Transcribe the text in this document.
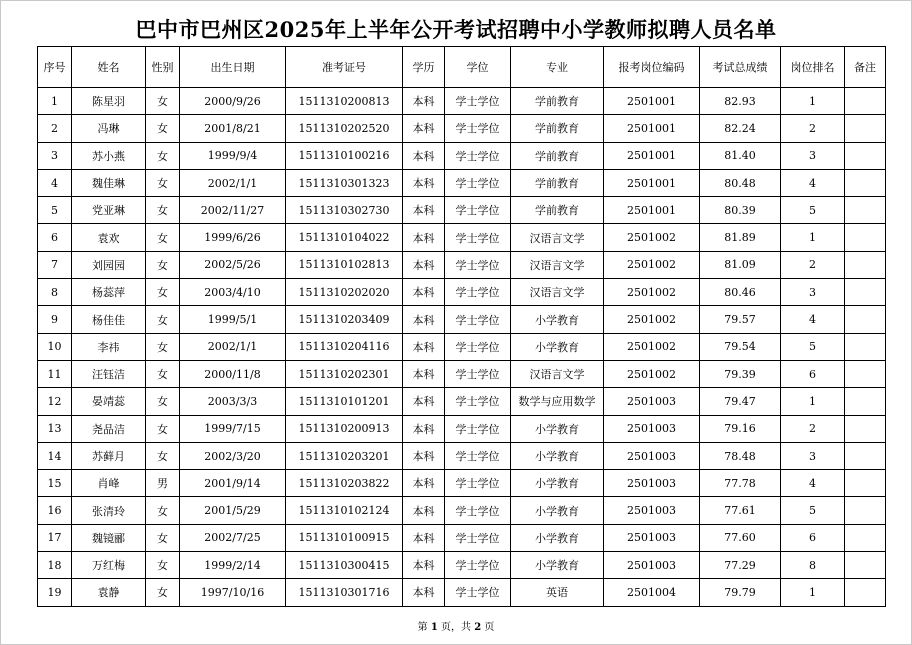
巴中市巴州区2025年上半年公开考试招聘中小学教师拟聘人员名单
序号	姓名	性别	出生日期	准考证号	学历	学位	专业	报考岗位编码	考试总成绩	岗位排名	备注
1	陈星羽	女	2000/9/26	1511310200813	本科	学士学位	学前教育	2501001	82.93	1	
2	冯琳	女	2001/8/21	1511310202520	本科	学士学位	学前教育	2501001	82.24	2	
3	苏小燕	女	1999/9/4	1511310100216	本科	学士学位	学前教育	2501001	81.40	3	
4	魏佳琳	女	2002/1/1	1511310301323	本科	学士学位	学前教育	2501001	80.48	4	
5	党亚琳	女	2002/11/27	1511310302730	本科	学士学位	学前教育	2501001	80.39	5	
6	袁欢	女	1999/6/26	1511310104022	本科	学士学位	汉语言文学	2501002	81.89	1	
7	刘园园	女	2002/5/26	1511310102813	本科	学士学位	汉语言文学	2501002	81.09	2	
8	杨蕊萍	女	2003/4/10	1511310202020	本科	学士学位	汉语言文学	2501002	80.46	3	
9	杨佳佳	女	1999/5/1	1511310203409	本科	学士学位	小学教育	2501002	79.57	4	
10	李祎	女	2002/1/1	1511310204116	本科	学士学位	小学教育	2501002	79.54	5	
11	汪钰洁	女	2000/11/8	1511310202301	本科	学士学位	汉语言文学	2501002	79.39	6	
12	晏靖蕊	女	2003/3/3	1511310101201	本科	学士学位	数学与应用数学	2501003	79.47	1	
13	尧品洁	女	1999/7/15	1511310200913	本科	学士学位	小学教育	2501003	79.16	2	
14	苏藓月	女	2002/3/20	1511310203201	本科	学士学位	小学教育	2501003	78.48	3	
15	肖峰	男	2001/9/14	1511310203822	本科	学士学位	小学教育	2501003	77.78	4	
16	张清玲	女	2001/5/29	1511310102124	本科	学士学位	小学教育	2501003	77.61	5	
17	魏镜郦	女	2002/7/25	1511310100915	本科	学士学位	小学教育	2501003	77.60	6	
18	万红梅	女	1999/2/14	1511310300415	本科	学士学位	小学教育	2501003	77.29	8	
19	袁静	女	1997/10/16	1511310301716	本科	学士学位	英语	2501004	79.79	1	
第 1 页，共 2 页
